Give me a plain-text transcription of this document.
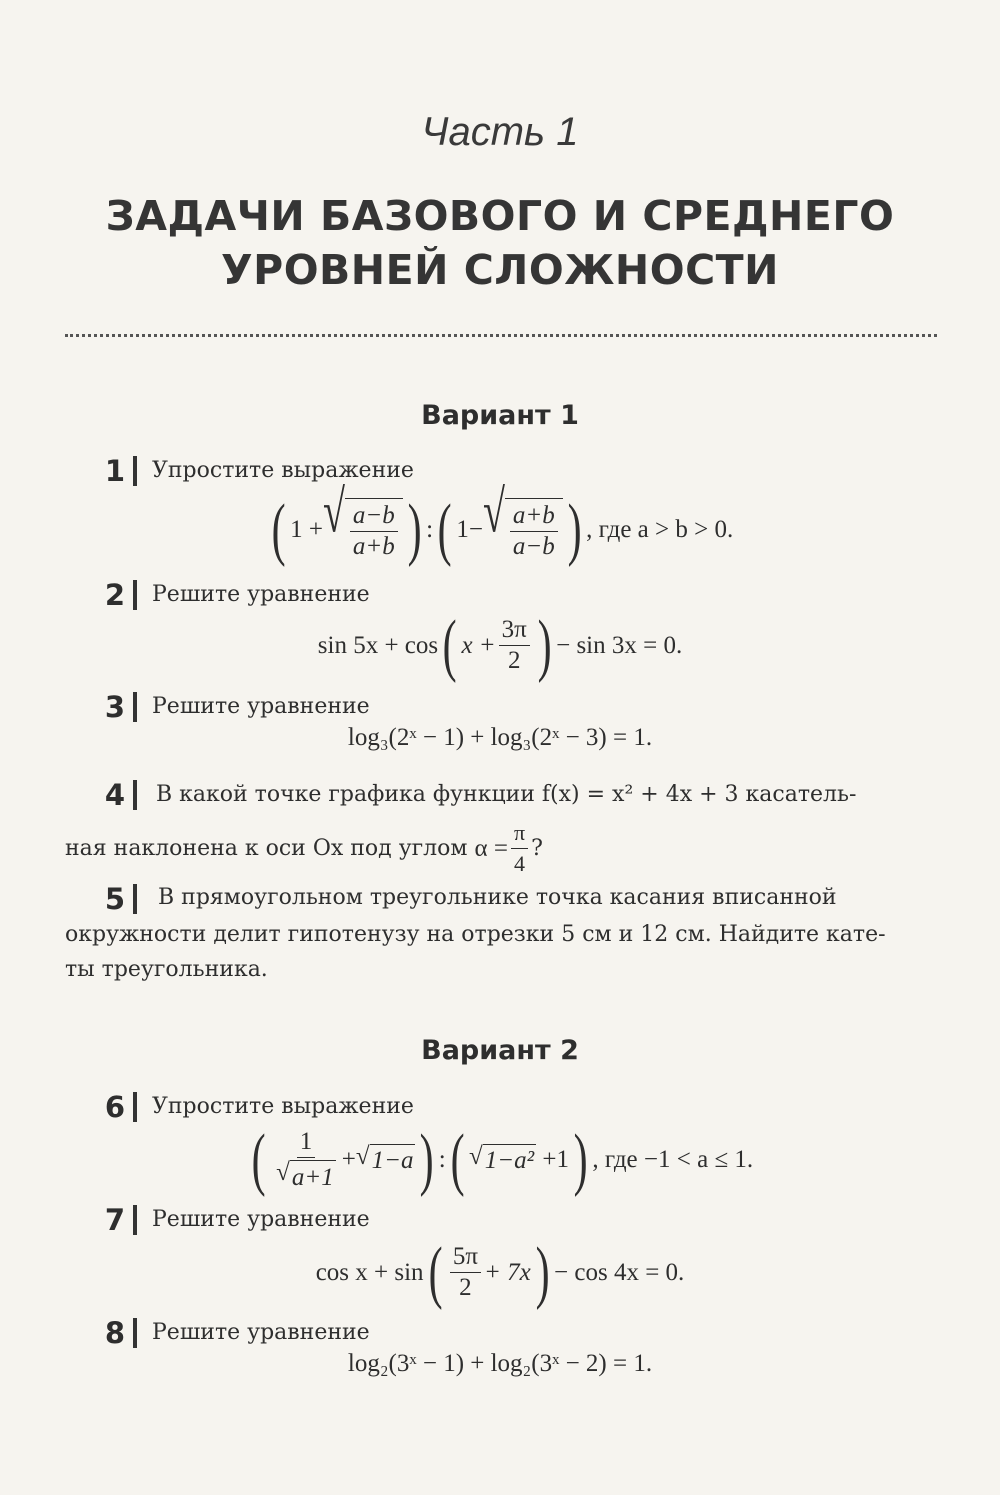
Часть 1
ЗАДАЧИ БАЗОВОГО И СРЕДНЕГО
УРОВНЕЙ СЛОЖНОСТИ
Вариант 1
1 Упростите выражение
( 1
+ √ $\frac{a-b}{a+b}$ ) : ( 1− √ $\frac{a+b}{a-b}$ ) , где a > b > 0.
2 Решите уравнение
sin 5x + cos ( $x + \frac{3\pi}{2}$ ) − sin 3x = 0.
3 Решите уравнение
log₃(2ˣ − 1) + log₃(2ˣ − 3) = 1.
4 В какой точке графика функции f(x) = x² + 4x + 3 касатель-
ная наклонена к оси Ox под углом
$\alpha = \frac{\pi}{4}$ ?
5 В прямоугольном треугольнике точка касания вписанной
окружности делит гипотенузу на отрезки 5 см и 12 см. Найдите кате-
ты треугольника.
Вариант 2
6 Упростите выражение
( $\frac{1}{√ a+1}$ + √ 1−a ) : ( √ 1−a²
+1 ) , где −1 < a ≤ 1.
7 Решите уравнение
cos x + sin ( $\frac{5\pi}{2} + 7x$ ) − cos 4x = 0.
8 Решите уравнение
log₂(3ˣ − 1) + log₂(3ˣ − 2) = 1.
